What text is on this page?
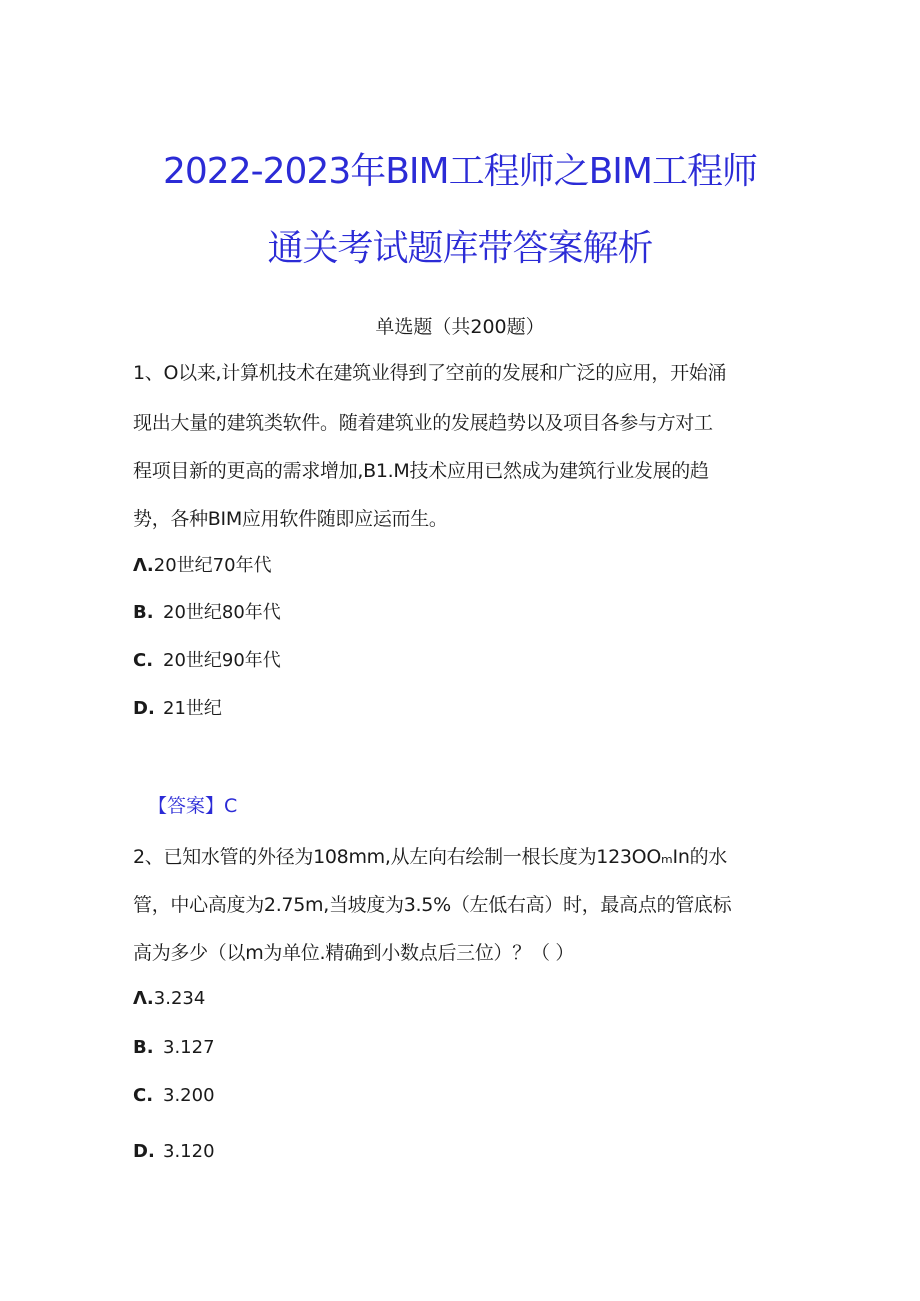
2022-2023年BIM工程师之BIM工程师
通关考试题库带答案解析
单选题（共200题）
1、O以来,计算机技术在建筑业得到了空前的发展和广泛的应用，开始涌
现出大量的建筑类软件。随着建筑业的发展趋势以及项目各参与方对工
程项目新的更高的需求增加,B1.M技术应用已然成为建筑行业发展的趋
势，各种BIM应用软件随即应运而生。
Λ.20世纪70年代
B. 20世纪80年代
C. 20世纪90年代
D. 21世纪
【答案】C
2、已知水管的外径为108mm,从左向右绘制一根长度为123OOₘIn的水
管，中心高度为2.75m,当坡度为3.5%（左低右高）时，最高点的管底标
高为多少（以m为单位.精确到小数点后三位）？（ ）
Λ.3.234
B. 3.127
C. 3.200
D. 3.120
